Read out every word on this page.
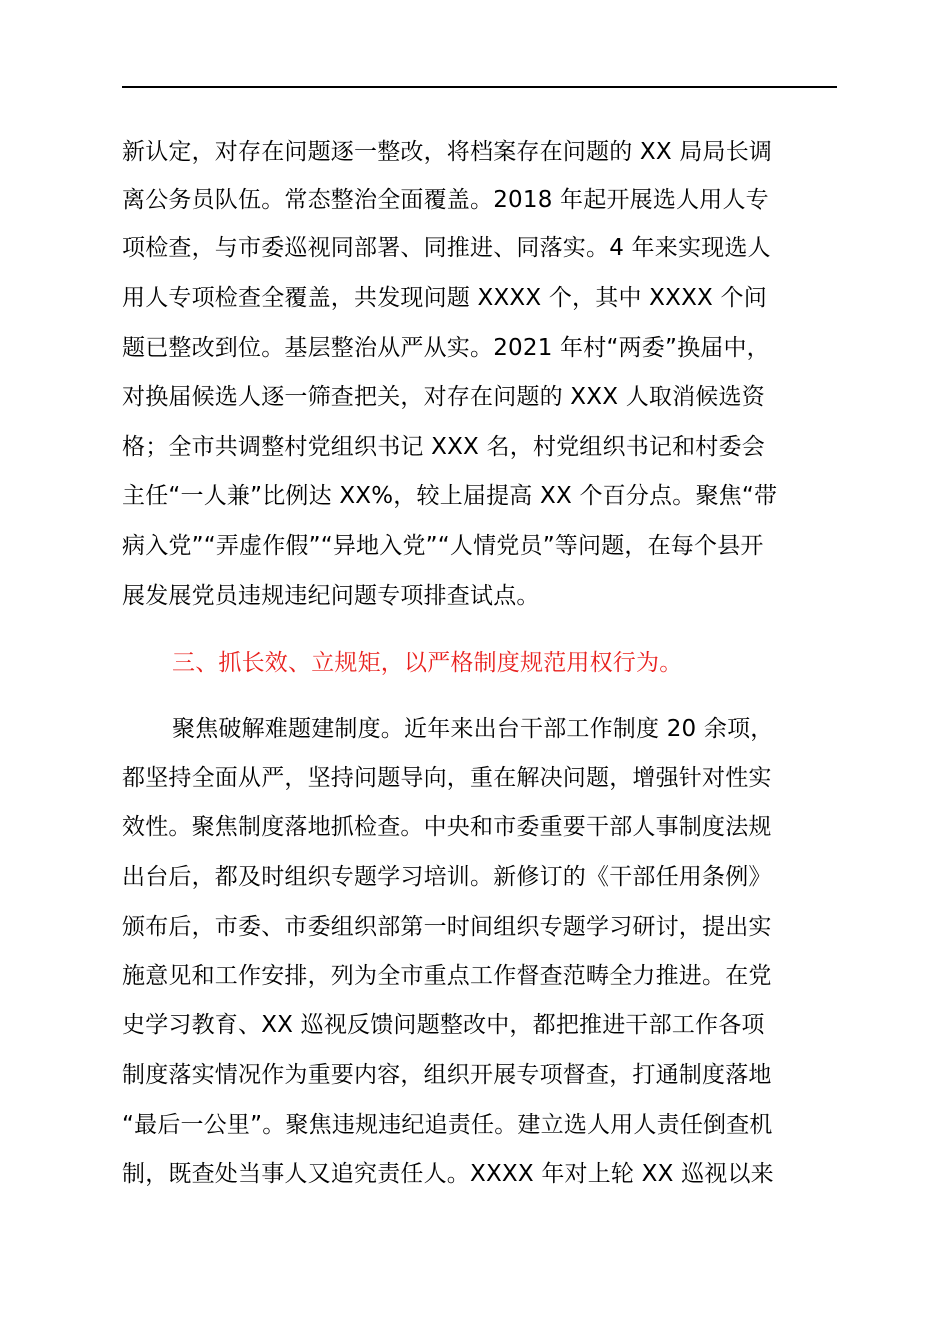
新认定，对存在问题逐一整改，将档案存在问题的 XX 局局长调
离公务员队伍。常态整治全面覆盖。2018 年起开展选人用人专
项检查，与市委巡视同部署、同推进、同落实。4 年来实现选人
用人专项检查全覆盖，共发现问题 XXXX 个，其中 XXXX 个问
题已整改到位。基层整治从严从实。2021 年村“两委”换届中，
对换届候选人逐一筛查把关，对存在问题的 XXX 人取消候选资
格；全市共调整村党组织书记 XXX 名，村党组织书记和村委会
主任“一人兼”比例达 XX%，较上届提高 XX 个百分点。聚焦“带
病入党”“弄虚作假”“异地入党”“人情党员”等问题，在每个县开
展发展党员违规违纪问题专项排查试点。
三、抓长效、立规矩，以严格制度规范用权行为。
聚焦破解难题建制度。近年来出台干部工作制度 20 余项，
都坚持全面从严，坚持问题导向，重在解决问题，增强针对性实
效性。聚焦制度落地抓检查。中央和市委重要干部人事制度法规
出台后，都及时组织专题学习培训。新修订的《干部任用条例》
颁布后，市委、市委组织部第一时间组织专题学习研讨，提出实
施意见和工作安排，列为全市重点工作督查范畴全力推进。在党
史学习教育、XX 巡视反馈问题整改中，都把推进干部工作各项
制度落实情况作为重要内容，组织开展专项督查，打通制度落地
“最后一公里”。聚焦违规违纪追责任。建立选人用人责任倒查机
制，既查处当事人又追究责任人。XXXX 年对上轮 XX 巡视以来
